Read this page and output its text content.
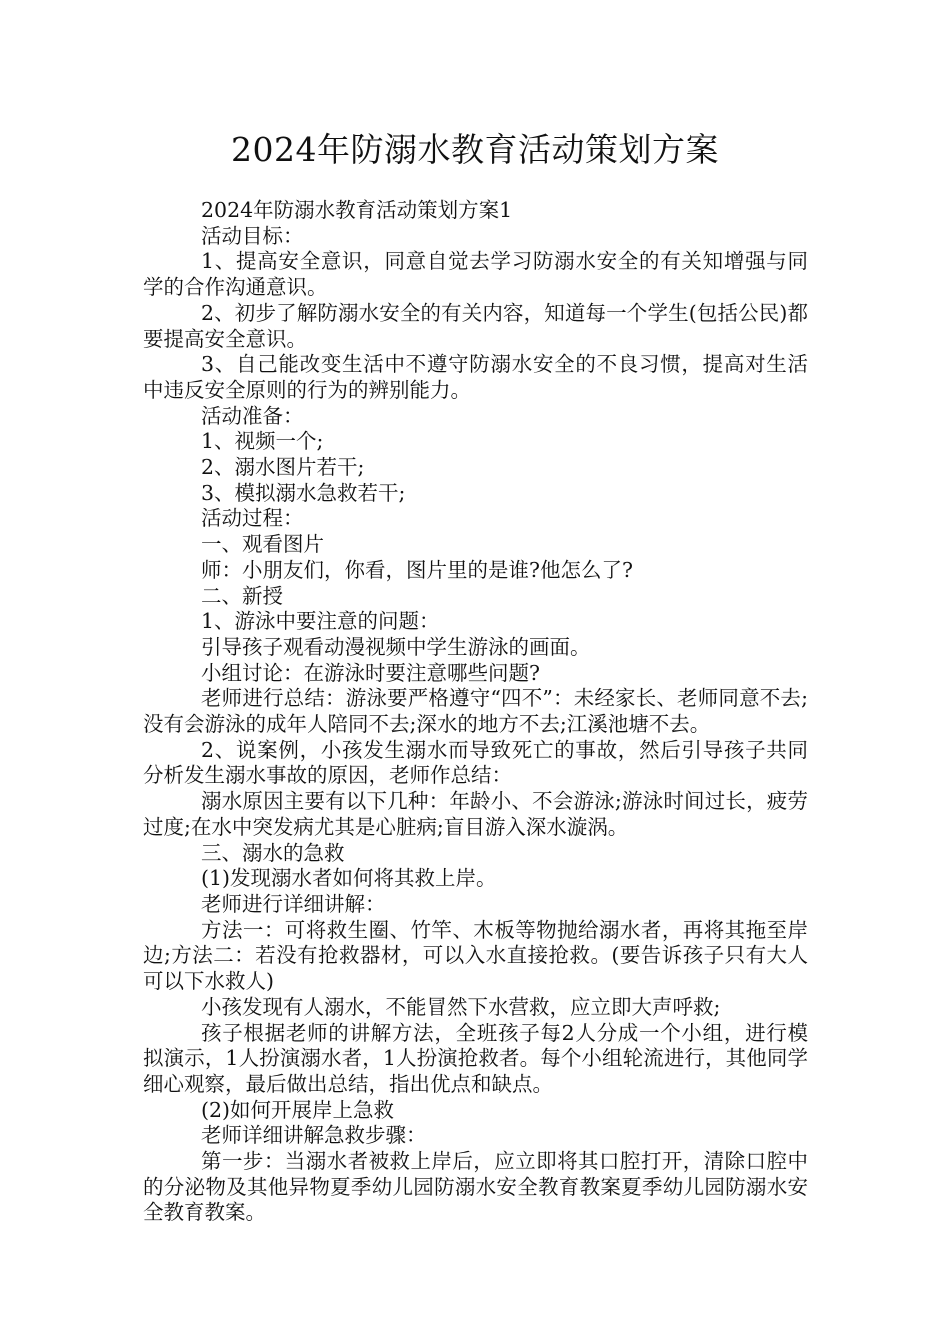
2024年防溺水教育活动策划方案

2024年防溺水教育活动策划方案1

活动目标：

1、提高安全意识，同意自觉去学习防溺水安全的有关知增强与同学的合作沟通意识。

2、初步了解防溺水安全的有关内容，知道每一个学生(包括公民)都要提高安全意识。

3、自己能改变生活中不遵守防溺水安全的不良习惯，提高对生活中违反安全原则的行为的辨别能力。

活动准备：

1、视频一个;

2、溺水图片若干;

3、模拟溺水急救若干;

活动过程：

一、观看图片

师：小朋友们，你看，图片里的是谁?他怎么了?

二、新授

1、游泳中要注意的问题：

引导孩子观看动漫视频中学生游泳的画面。

小组讨论：在游泳时要注意哪些问题?

老师进行总结：游泳要严格遵守“四不”：未经家长、老师同意不去;没有会游泳的成年人陪同不去;深水的地方不去;江溪池塘不去。

2、说案例，小孩发生溺水而导致死亡的事故，然后引导孩子共同分析发生溺水事故的原因，老师作总结：

溺水原因主要有以下几种：年龄小、不会游泳;游泳时间过长，疲劳过度;在水中突发病尤其是心脏病;盲目游入深水漩涡。

三、溺水的急救

(1)发现溺水者如何将其救上岸。

老师进行详细讲解：

方法一：可将救生圈、竹竿、木板等物抛给溺水者，再将其拖至岸边;方法二：若没有抢救器材，可以入水直接抢救。(要告诉孩子只有大人可以下水救人)

小孩发现有人溺水，不能冒然下水营救，应立即大声呼救;

孩子根据老师的讲解方法，全班孩子每2人分成一个小组，进行模拟演示，1人扮演溺水者，1人扮演抢救者。每个小组轮流进行，其他同学细心观察，最后做出总结，指出优点和缺点。

(2)如何开展岸上急救

老师详细讲解急救步骤：

第一步：当溺水者被救上岸后，应立即将其口腔打开，清除口腔中的分泌物及其他异物夏季幼儿园防溺水安全教育教案夏季幼儿园防溺水安全教育教案。
